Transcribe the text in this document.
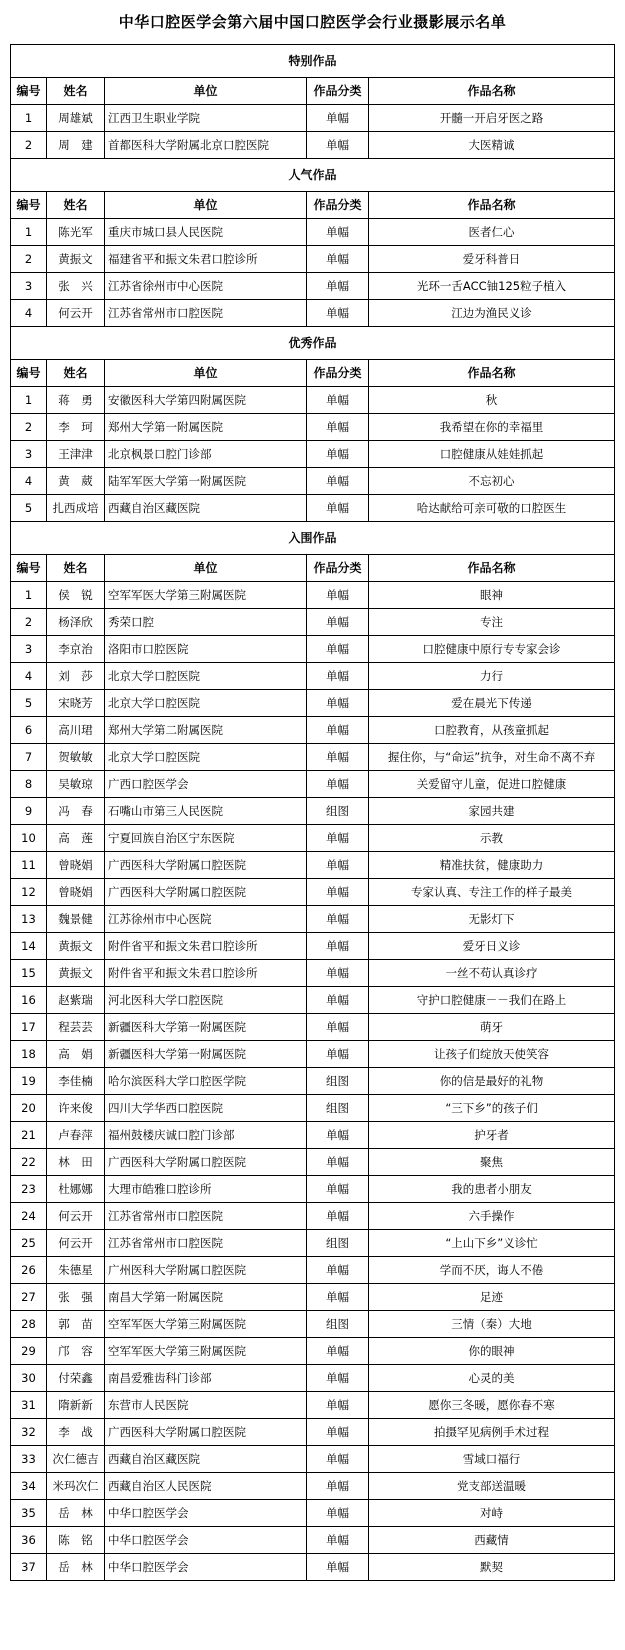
中华口腔医学会第六届中国口腔医学会行业摄影展示名单
特别作品				
编号	姓名	单位	作品分类	作品名称
1	周雄斌	江西卫生职业学院	单幅	开髓一开启牙医之路
2	周　建	首都医科大学附属北京口腔医院	单幅	大医精诚
人气作品				
编号	姓名	单位	作品分类	作品名称
1	陈光军	重庆市城口县人民医院	单幅	医者仁心
2	黄振文	福建省平和振文朱君口腔诊所	单幅	爱牙科普日
3	张　兴	江苏省徐州市中心医院	单幅	光环一舌ACC铀125粒子植入
4	何云开	江苏省常州市口腔医院	单幅	江边为渔民义诊
优秀作品				
编号	姓名	单位	作品分类	作品名称
1	蒋　勇	安徽医科大学第四附属医院	单幅	秋
2	李　珂	郑州大学第一附属医院	单幅	我希望在你的幸福里
3	王津津	北京枫景口腔门诊部	单幅	口腔健康从娃娃抓起
4	黄　葳	陆军军医大学第一附属医院	单幅	不忘初心
5	扎西成培	西藏自治区藏医院	单幅	哈达献给可亲可敬的口腔医生
入围作品				
编号	姓名	单位	作品分类	作品名称
1	侯　锐	空军军医大学第三附属医院	单幅	眼神
2	杨泽欣	秀荣口腔	单幅	专注
3	李京治	洛阳市口腔医院	单幅	口腔健康中原行专专家会诊
4	刘　莎	北京大学口腔医院	单幅	力行
5	宋晓芳	北京大学口腔医院	单幅	爱在晨光下传递
6	高川珺	郑州大学第二附属医院	单幅	口腔教育，从孩童抓起
7	贺敏敏	北京大学口腔医院	单幅	握住你，与“命运”抗争，对生命不离不弃
8	吴敏琼	广西口腔医学会	单幅	关爱留守儿童，促进口腔健康
9	冯　春	石嘴山市第三人民医院	组图	家园共建
10	高　莲	宁夏回族自治区宁东医院	单幅	示教
11	曾晓娟	广西医科大学附属口腔医院	单幅	精准扶贫，健康助力
12	曾晓娟	广西医科大学附属口腔医院	单幅	专家认真、专注工作的样子最美
13	魏景健	江苏徐州市中心医院	单幅	无影灯下
14	黄振文	附件省平和振文朱君口腔诊所	单幅	爱牙日义诊
15	黄振文	附件省平和振文朱君口腔诊所	单幅	一丝不苟认真诊疗
16	赵紫瑞	河北医科大学口腔医院	单幅	守护口腔健康－－我们在路上
17	程芸芸	新疆医科大学第一附属医院	单幅	萌牙
18	高　娟	新疆医科大学第一附属医院	单幅	让孩子们绽放天使笑容
19	李佳楠	哈尔滨医科大学口腔医学院	组图	你的信是最好的礼物
20	许来俊	四川大学华西口腔医院	组图	“三下乡”的孩子们
21	卢春萍	福州鼓楼庆诚口腔门诊部	单幅	护牙者
22	林　田	广西医科大学附属口腔医院	单幅	聚焦
23	杜娜娜	大理市皓雅口腔诊所	单幅	我的患者小朋友
24	何云开	江苏省常州市口腔医院	单幅	六手操作
25	何云开	江苏省常州市口腔医院	组图	“上山下乡”义诊忙
26	朱德星	广州医科大学附属口腔医院	单幅	学而不厌，诲人不倦
27	张　强	南昌大学第一附属医院	单幅	足迹
28	郭　苗	空军军医大学第三附属医院	组图	三情（秦）大地
29	邝　容	空军军医大学第三附属医院	单幅	你的眼神
30	付荣鑫	南昌爱雅齿科门诊部	单幅	心灵的美
31	隋新新	东营市人民医院	单幅	愿你三冬暖，愿你春不寒
32	李　战	广西医科大学附属口腔医院	单幅	拍摄罕见病例手术过程
33	次仁德吉	西藏自治区藏医院	单幅	雪域口福行
34	米玛次仁	西藏自治区人民医院	单幅	党支部送温暖
35	岳　林	中华口腔医学会	单幅	对峙
36	陈　铭	中华口腔医学会	单幅	西藏情
37	岳　林	中华口腔医学会	单幅	默契
